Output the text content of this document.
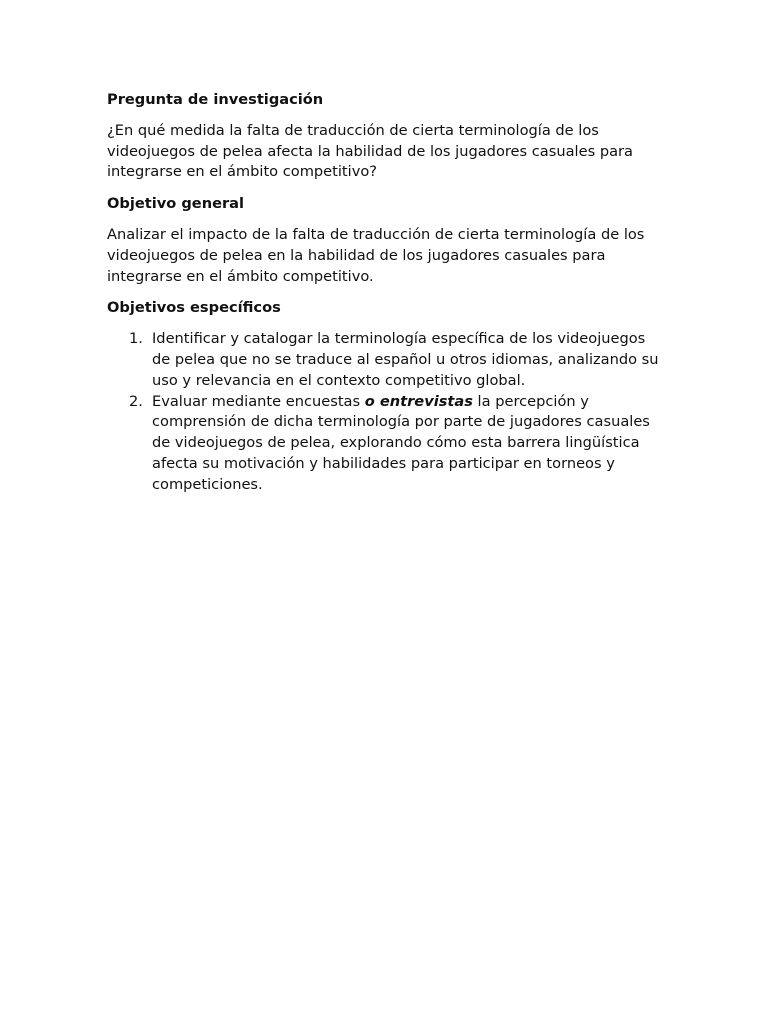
Pregunta de investigación

¿En qué medida la falta de traducción de cierta terminología de los videojuegos de pelea afecta la habilidad de los jugadores casuales para integrarse en el ámbito competitivo?

Objetivo general

Analizar el impacto de la falta de traducción de cierta terminología de los videojuegos de pelea en la habilidad de los jugadores casuales para integrarse en el ámbito competitivo.

Objetivos específicos

1. Identificar y catalogar la terminología específica de los videojuegos de pelea que no se traduce al español u otros idiomas, analizando su uso y relevancia en el contexto competitivo global.
2. Evaluar mediante encuestas o entrevistas la percepción y comprensión de dicha terminología por parte de jugadores casuales de videojuegos de pelea, explorando cómo esta barrera lingüística afecta su motivación y habilidades para participar en torneos y competiciones.
